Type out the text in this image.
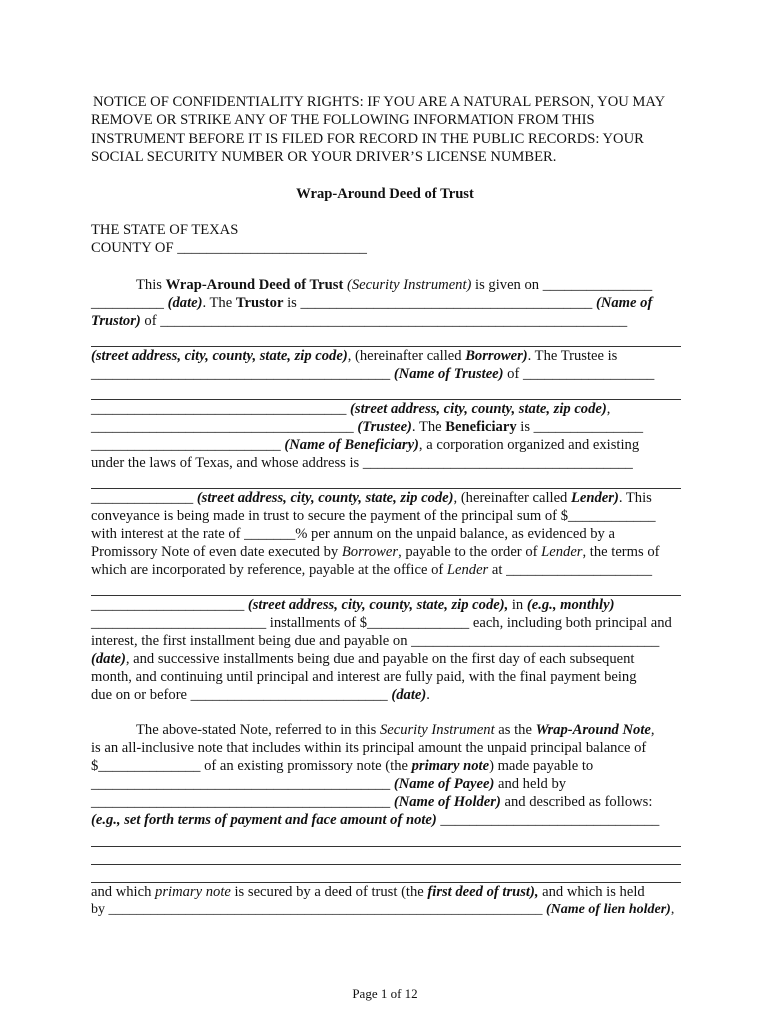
NOTICE OF CONFIDENTIALITY RIGHTS: IF YOU ARE A NATURAL PERSON, YOU MAY REMOVE OR STRIKE ANY OF THE FOLLOWING INFORMATION FROM THIS INSTRUMENT BEFORE IT IS FILED FOR RECORD IN THE PUBLIC RECORDS: YOUR SOCIAL SECURITY NUMBER OR YOUR DRIVER’S LICENSE NUMBER.
Wrap-Around Deed of Trust
THE STATE OF TEXAS
COUNTY OF __________________________
This Wrap-Around Deed of Trust (Security Instrument) is given on _______________
__________ (date). The Trustor is ________________________________________ (Name of
Trustor) of ________________________________________________________________
(street address, city, county, state, zip code), (hereinafter called Borrower). The Trustee is
_________________________________________ (Name of Trustee) of __________________
___________________________________ (street address, city, county, state, zip code),
____________________________________ (Trustee). The Beneficiary is _______________
__________________________ (Name of Beneficiary), a corporation organized and existing
under the laws of Texas, and whose address is _____________________________________
______________ (street address, city, county, state, zip code), (hereinafter called Lender). This
conveyance is being made in trust to secure the payment of the principal sum of $____________
with interest at the rate of _______% per annum on the unpaid balance, as evidenced by a
Promissory Note of even date executed by Borrower, payable to the order of Lender, the terms of
which are incorporated by reference, payable at the office of Lender at ____________________
_____________________ (street address, city, county, state, zip code), in (e.g., monthly)
________________________ installments of $______________ each, including both principal and
interest, the first installment being due and payable on __________________________________
(date), and successive installments being due and payable on the first day of each subsequent
month, and continuing until principal and interest are fully paid, with the final payment being
due on or before ___________________________ (date).
The above-stated Note, referred to in this Security Instrument as the Wrap-Around Note,
is an all-inclusive note that includes within its principal amount the unpaid principal balance of
$______________ of an existing promissory note (the primary note) made payable to
_________________________________________ (Name of Payee) and held by
_________________________________________ (Name of Holder) and described as follows:
(e.g., set forth terms of payment and face amount of note) ______________________________
and which primary note is secured by a deed of trust (the first deed of trust), and which is held
by ______________________________________________________________ (Name of lien holder),
Page 1 of 12
